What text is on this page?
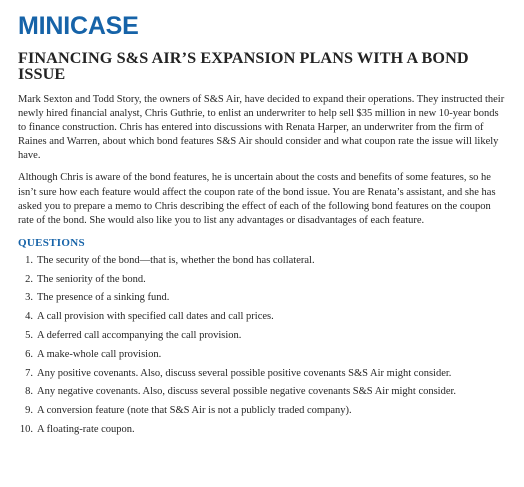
MINICASE
FINANCING S&S AIR’S EXPANSION PLANS WITH A BOND
ISSUE

Mark Sexton and Todd Story, the owners of S&S Air, have decided to expand their operations. They instructed their newly hired financial analyst, Chris Guthrie, to enlist an underwriter to help sell $35 million in new 10-year bonds to finance construction. Chris has entered into discussions with Renata Harper, an underwriter from the firm of Raines and Warren, about which bond features S&S Air should consider and what coupon rate the issue will likely have.

Although Chris is aware of the bond features, he is uncertain about the costs and benefits of some features, so he isn’t sure how each feature would affect the coupon rate of the bond issue. You are Renata’s assistant, and she has asked you to prepare a memo to Chris describing the effect of each of the following bond features on the coupon rate of the bond. She would also like you to list any advantages or disadvantages of each feature.

QUESTIONS
1. The security of the bond—that is, whether the bond has collateral.
2. The seniority of the bond.
3. The presence of a sinking fund.
4. A call provision with specified call dates and call prices.
5. A deferred call accompanying the call provision.
6. A make-whole call provision.
7. Any positive covenants. Also, discuss several possible positive covenants S&S Air might consider.
8. Any negative covenants. Also, discuss several possible negative covenants S&S Air might consider.
9. A conversion feature (note that S&S Air is not a publicly traded company).
10. A floating-rate coupon.
